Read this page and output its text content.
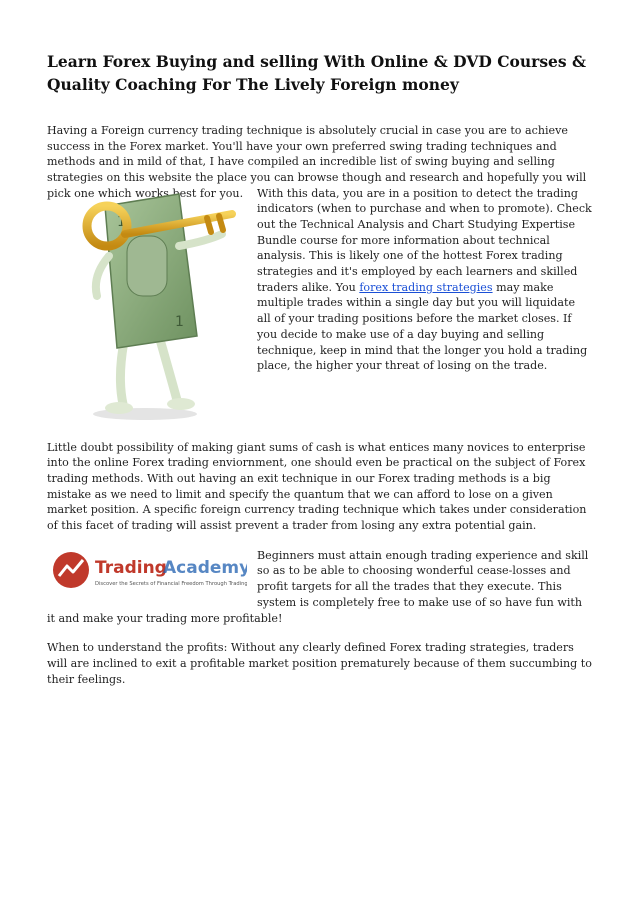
Learn Forex Buying and selling With Online & DVD Courses & Quality Coaching For The Lively Foreign money

Having a Foreign currency trading technique is absolutely crucial in case you are to achieve success in the Forex market. You'll have your own preferred swing trading techniques and methods and in mild of that, I have compiled an incredible list of swing buying and selling strategies on this website the place you can browse though and research and hopefully you will pick one which works best for you.

1
1

With this data, you are in a position to detect the trading indicators (when to purchase and when to promote). Check out the Technical Analysis and Chart Studying Expertise Bundle course for more information about technical analysis. This is likely one of the hottest Forex trading strategies and it's employed by each learners and skilled traders alike. You forex trading strategies may make multiple trades within a single day but you will liquidate all of your trading positions before the market closes. If you decide to make use of a day buying and selling technique, keep in mind that the longer you hold a trading place, the higher your threat of losing on the trade.

Little doubt possibility of making giant sums of cash is what entices many novices to enterprise into the online Forex trading enviornment, one should even be practical on the subject of Forex trading methods. With out having an exit technique in our Forex trading methods is a big mistake as we need to limit and specify the quantum that we can afford to lose on a given market position. A specific foreign currency trading technique which takes under consideration of this facet of trading will assist prevent a trader from losing any extra potential gain.

Trading
Academy
Discover the Secrets of Financial Freedom Through Trading

Beginners must attain enough trading experience and skill so as to be able to choosing wonderful cease-losses and profit targets for all the trades that they execute. This system is completely free to make use of so have fun with it and make your trading more profitable!

When to understand the profits: Without any clearly defined Forex trading strategies, traders will are inclined to exit a profitable market position prematurely because of them succumbing to their feelings.
